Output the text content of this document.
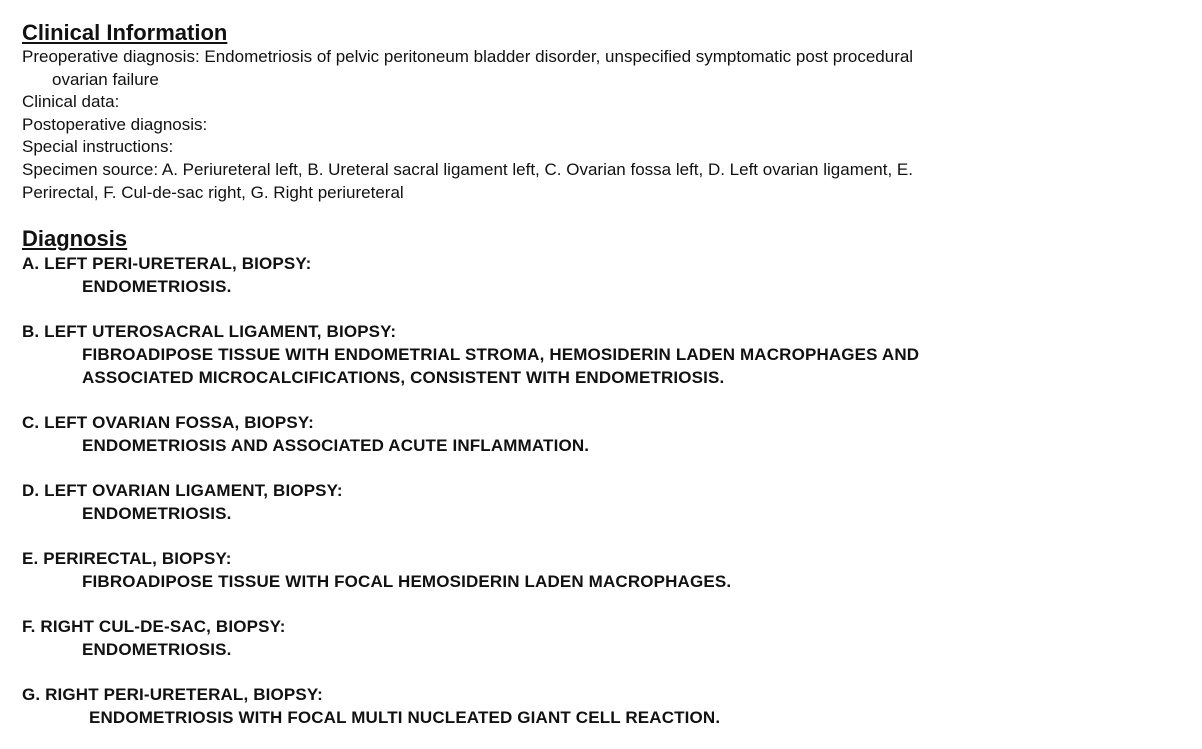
Clinical Information
Preoperative diagnosis: Endometriosis of pelvic peritoneum bladder disorder, unspecified symptomatic post procedural
ovarian failure
Clinical data:
Postoperative diagnosis:
Special instructions:
Specimen source: A. Periureteral left, B. Ureteral sacral ligament left, C. Ovarian fossa left, D. Left ovarian ligament, E.
Perirectal, F. Cul-de-sac right, G. Right periureteral
Diagnosis
A. LEFT PERI-URETERAL, BIOPSY:
ENDOMETRIOSIS.
B. LEFT UTEROSACRAL LIGAMENT, BIOPSY:
FIBROADIPOSE TISSUE WITH ENDOMETRIAL STROMA, HEMOSIDERIN LADEN MACROPHAGES AND
ASSOCIATED MICROCALCIFICATIONS, CONSISTENT WITH ENDOMETRIOSIS.
C. LEFT OVARIAN FOSSA, BIOPSY:
ENDOMETRIOSIS AND ASSOCIATED ACUTE INFLAMMATION.
D. LEFT OVARIAN LIGAMENT, BIOPSY:
ENDOMETRIOSIS.
E. PERIRECTAL, BIOPSY:
FIBROADIPOSE TISSUE WITH FOCAL HEMOSIDERIN LADEN MACROPHAGES.
F. RIGHT CUL-DE-SAC, BIOPSY:
ENDOMETRIOSIS.
G. RIGHT PERI-URETERAL, BIOPSY:
ENDOMETRIOSIS WITH FOCAL MULTI NUCLEATED GIANT CELL REACTION.
